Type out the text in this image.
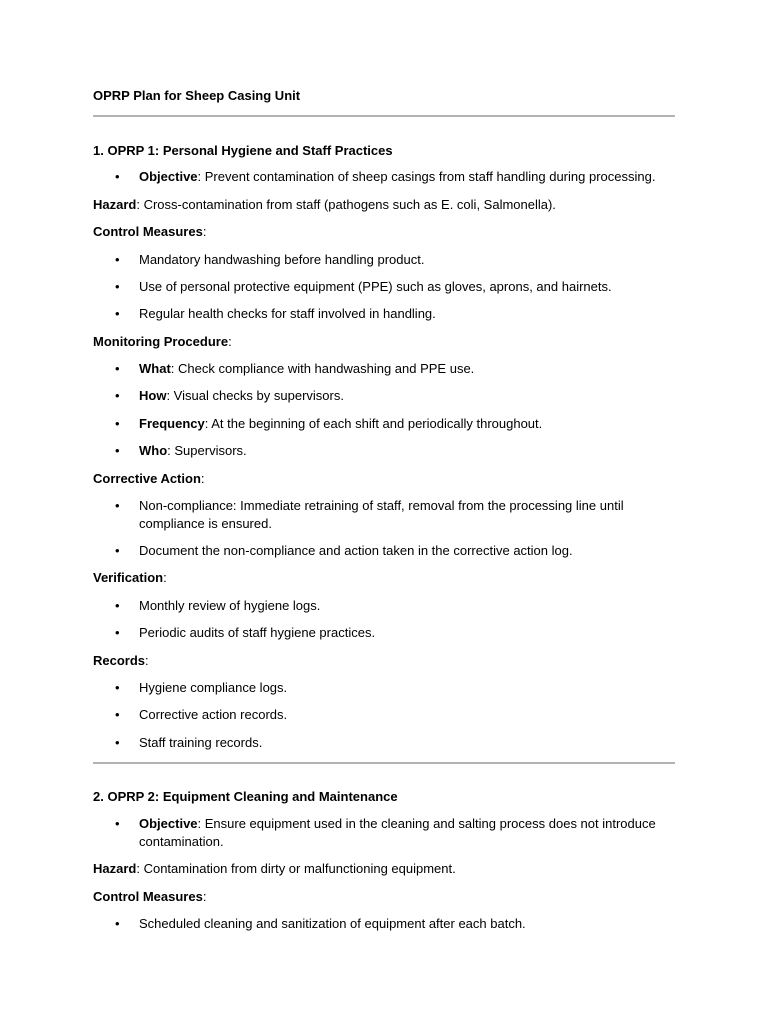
OPRP Plan for Sheep Casing Unit
1. OPRP 1: Personal Hygiene and Staff Practices
• Objective: Prevent contamination of sheep casings from staff handling during processing.
Hazard: Cross-contamination from staff (pathogens such as E. coli, Salmonella).
Control Measures:
• Mandatory handwashing before handling product.
• Use of personal protective equipment (PPE) such as gloves, aprons, and hairnets.
• Regular health checks for staff involved in handling.
Monitoring Procedure:
• What: Check compliance with handwashing and PPE use.
• How: Visual checks by supervisors.
• Frequency: At the beginning of each shift and periodically throughout.
• Who: Supervisors.
Corrective Action:
• Non-compliance: Immediate retraining of staff, removal from the processing line until compliance is ensured.
• Document the non-compliance and action taken in the corrective action log.
Verification:
• Monthly review of hygiene logs.
• Periodic audits of staff hygiene practices.
Records:
• Hygiene compliance logs.
• Corrective action records.
• Staff training records.
2. OPRP 2: Equipment Cleaning and Maintenance
• Objective: Ensure equipment used in the cleaning and salting process does not introduce contamination.
Hazard: Contamination from dirty or malfunctioning equipment.
Control Measures:
• Scheduled cleaning and sanitization of equipment after each batch.
